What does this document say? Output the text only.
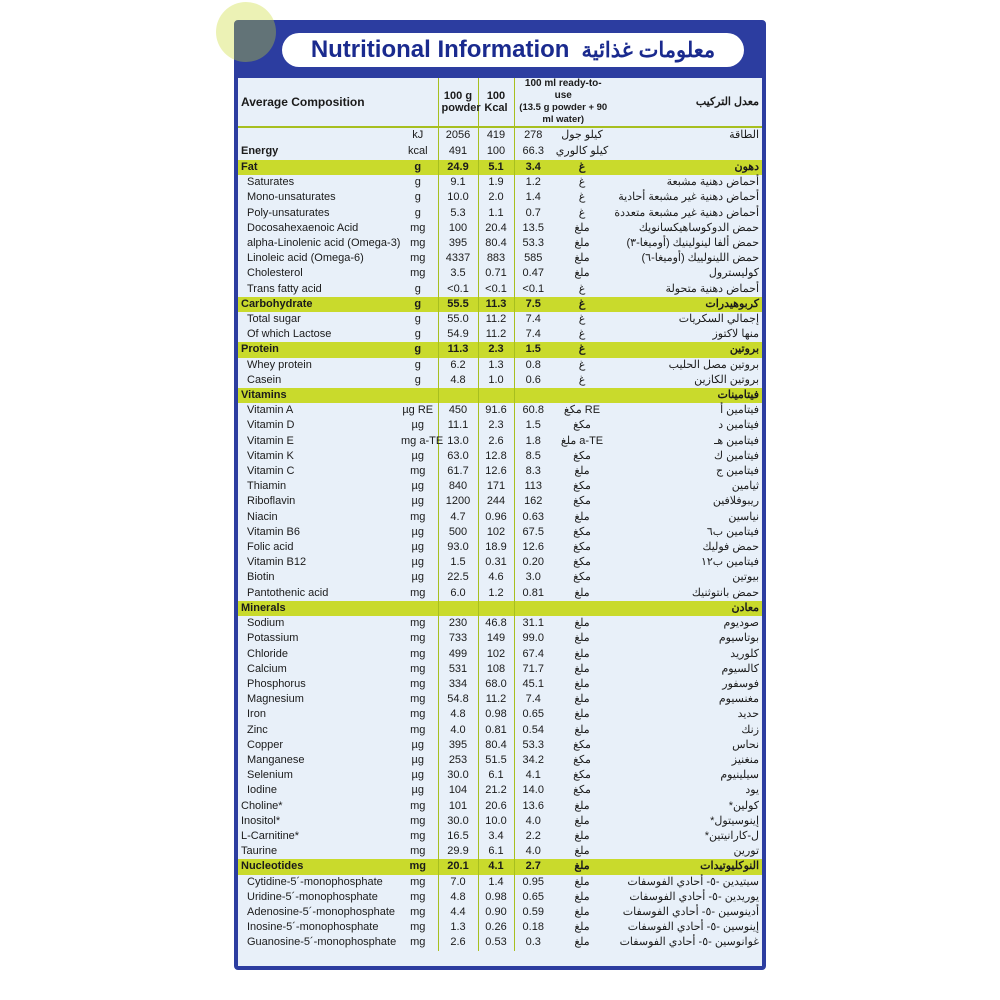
Nutritional Information معلومات غذائية
Average Composition		100 g powder	100 Kcal	100 ml ready-to-use
(13.5 g powder + 90 ml water)		معدل التركيب
	kJ	2056	419	278	كيلو جول	الطاقة
Energy	kcal	491	100	66.3	كيلو كالوري	
Fat	g	24.9	5.1	3.4	غ	دهون
Saturates	g	9.1	1.9	1.2	غ	أحماض دهنية مشبعة
Mono-unsaturates	g	10.0	2.0	1.4	غ	أحماض دهنية غير مشبعة أحادية
Poly-unsaturates	g	5.3	1.1	0.7	غ	أحماض دهنية غير مشبعة متعددة
Docosahexaenoic Acid	mg	100	20.4	13.5	ملغ	حمض الدوكوساهيكسانويك
alpha-Linolenic acid (Omega-3)	mg	395	80.4	53.3	ملغ	حمض ألفا لينولينيك (أوميغا-٣)
Linoleic acid (Omega-6)	mg	4337	883	585	ملغ	حمض اللينولييك (أوميغا-٦)
Cholesterol	mg	3.5	0.71	0.47	ملغ	كوليسترول
Trans fatty acid	g	<0.1	<0.1	<0.1	غ	أحماض دهنية متحولة
Carbohydrate	g	55.5	11.3	7.5	غ	كربوهيدرات
Total sugar	g	55.0	11.2	7.4	غ	إجمالي السكريات
Of which Lactose	g	54.9	11.2	7.4	غ	منها لاكتوز
Protein	g	11.3	2.3	1.5	غ	بروتين
Whey protein	g	6.2	1.3	0.8	غ	بروتين مصل الحليب
Casein	g	4.8	1.0	0.6	غ	بروتين الكازين
Vitamins						فيتامينات
Vitamin A	µg RE	450	91.6	60.8	مكغ RE	فيتامين أ
Vitamin D	µg	11.1	2.3	1.5	مكغ	فيتامين د
Vitamin E	mg a-TE	13.0	2.6	1.8	ملغ a-TE	فيتامين هـ
Vitamin K	µg	63.0	12.8	8.5	مكغ	فيتامين ك
Vitamin C	mg	61.7	12.6	8.3	ملغ	فيتامين ج
Thiamin	µg	840	171	113	مكغ	ثيامين
Riboflavin	µg	1200	244	162	مكغ	ريبوفلافين
Niacin	mg	4.7	0.96	0.63	ملغ	نياسين
Vitamin B6	µg	500	102	67.5	مكغ	فيتامين ب٦
Folic acid	µg	93.0	18.9	12.6	مكغ	حمض فوليك
Vitamin B12	µg	1.5	0.31	0.20	مكغ	فيتامين ب١٢
Biotin	µg	22.5	4.6	3.0	مكغ	بيوتين
Pantothenic acid	mg	6.0	1.2	0.81	ملغ	حمض بانتوثنيك
Minerals						معادن
Sodium	mg	230	46.8	31.1	ملغ	صوديوم
Potassium	mg	733	149	99.0	ملغ	بوتاسيوم
Chloride	mg	499	102	67.4	ملغ	كلوريد
Calcium	mg	531	108	71.7	ملغ	كالسيوم
Phosphorus	mg	334	68.0	45.1	ملغ	فوسفور
Magnesium	mg	54.8	11.2	7.4	ملغ	مغنسيوم
Iron	mg	4.8	0.98	0.65	ملغ	حديد
Zinc	mg	4.0	0.81	0.54	ملغ	زنك
Copper	µg	395	80.4	53.3	مكغ	نحاس
Manganese	µg	253	51.5	34.2	مكغ	منغنيز
Selenium	µg	30.0	6.1	4.1	مكغ	سيلينيوم
Iodine	µg	104	21.2	14.0	مكغ	يود
Choline*	mg	101	20.6	13.6	ملغ	كولين*
Inositol*	mg	30.0	10.0	4.0	ملغ	إينوسيتول*
L-Carnitine*	mg	16.5	3.4	2.2	ملغ	ل-كارانيتين*
Taurine	mg	29.9	6.1	4.0	ملغ	تورين
Nucleotides	mg	20.1	4.1	2.7	ملغ	النوكليوتيدات
Cytidine-5´-monophosphate	mg	7.0	1.4	0.95	ملغ	سيتيدين -٥- أحادي الفوسفات
Uridine-5´-monophosphate	mg	4.8	0.98	0.65	ملغ	يوريدين -٥- أحادي الفوسفات
Adenosine-5´-monophosphate	mg	4.4	0.90	0.59	ملغ	أدينوسين -٥- أحادي الفوسفات
Inosine-5´-monophosphate	mg	1.3	0.26	0.18	ملغ	إينوسين -٥- أحادي الفوسفات
Guanosine-5´-monophosphate	mg	2.6	0.53	0.3	ملغ	غوانوسين -٥- أحادي الفوسفات
